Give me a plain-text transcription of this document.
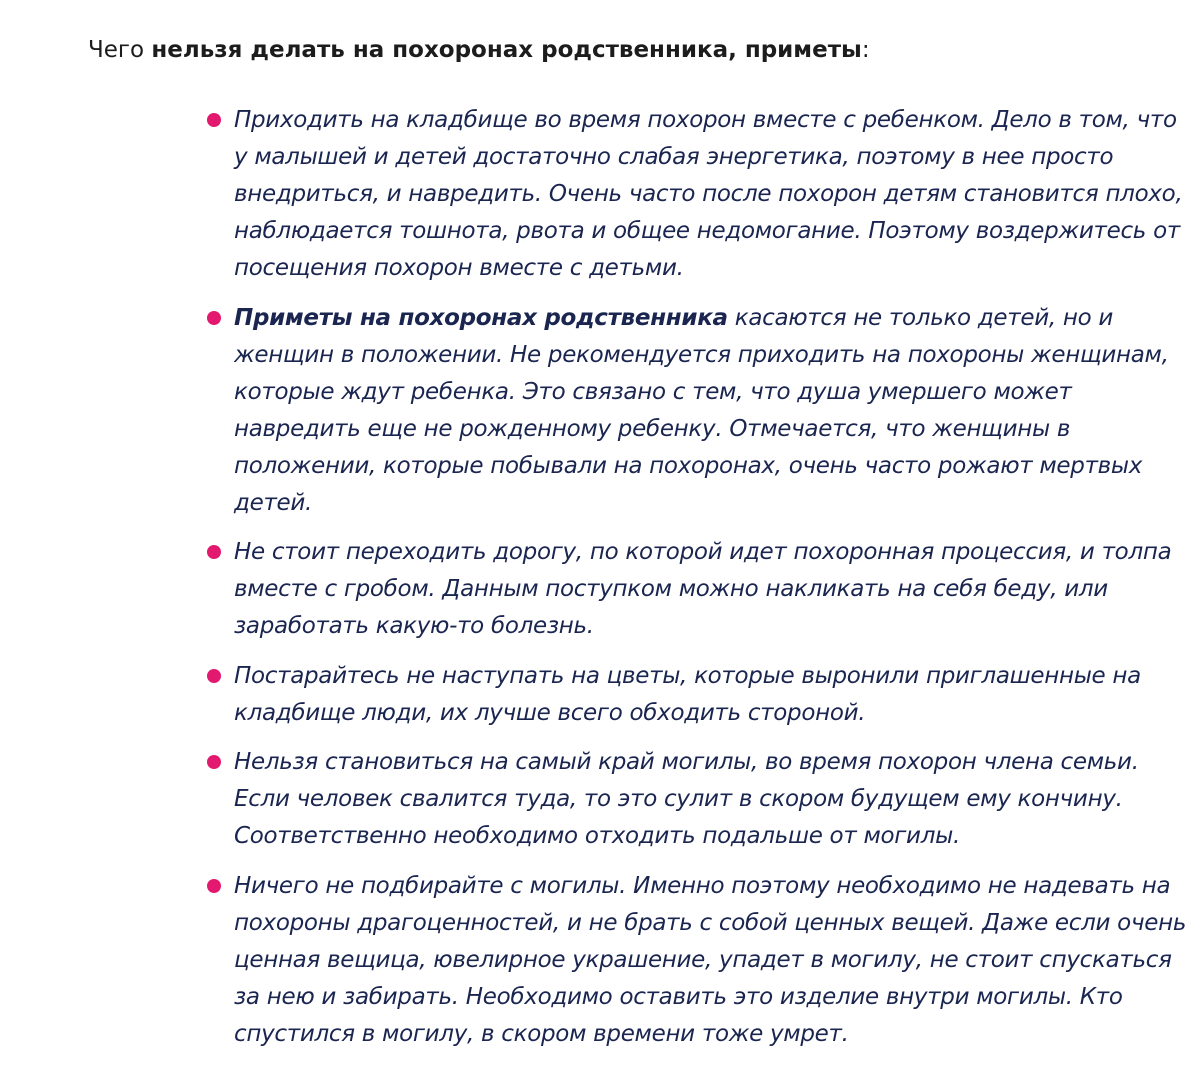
Чего нельзя делать на похоронах родственника, приметы:

Приходить на кладбище во время похорон вместе с ребенком. Дело в том, что у малышей и детей достаточно слабая энергетика, поэтому в нее просто внедриться, и навредить. Очень часто после похорон детям становится плохо, наблюдается тошнота, рвота и общее недомогание. Поэтому воздержитесь от посещения похорон вместе с детьми.
Приметы на похоронах родственника касаются не только детей, но и женщин в положении. Не рекомендуется приходить на похороны женщинам, которые ждут ребенка. Это связано с тем, что душа умершего может навредить еще не рожденному ребенку. Отмечается, что женщины в положении, которые побывали на похоронах, очень часто рожают мертвых детей.
Не стоит переходить дорогу, по которой идет похоронная процессия, и толпа вместе с гробом. Данным поступком можно накликать на себя беду, или заработать какую-то болезнь.
Постарайтесь не наступать на цветы, которые выронили приглашенные на кладбище люди, их лучше всего обходить стороной.
Нельзя становиться на самый край могилы, во время похорон члена семьи. Если человек свалится туда, то это сулит в скором будущем ему кончину. Соответственно необходимо отходить подальше от могилы.
Ничего не подбирайте с могилы. Именно поэтому необходимо не надевать на похороны драгоценностей, и не брать с собой ценных вещей. Даже если очень ценная вещица, ювелирное украшение, упадет в могилу, не стоит спускаться за нею и забирать. Необходимо оставить это изделие внутри могилы. Кто спустился в могилу, в скором времени тоже умрет.
